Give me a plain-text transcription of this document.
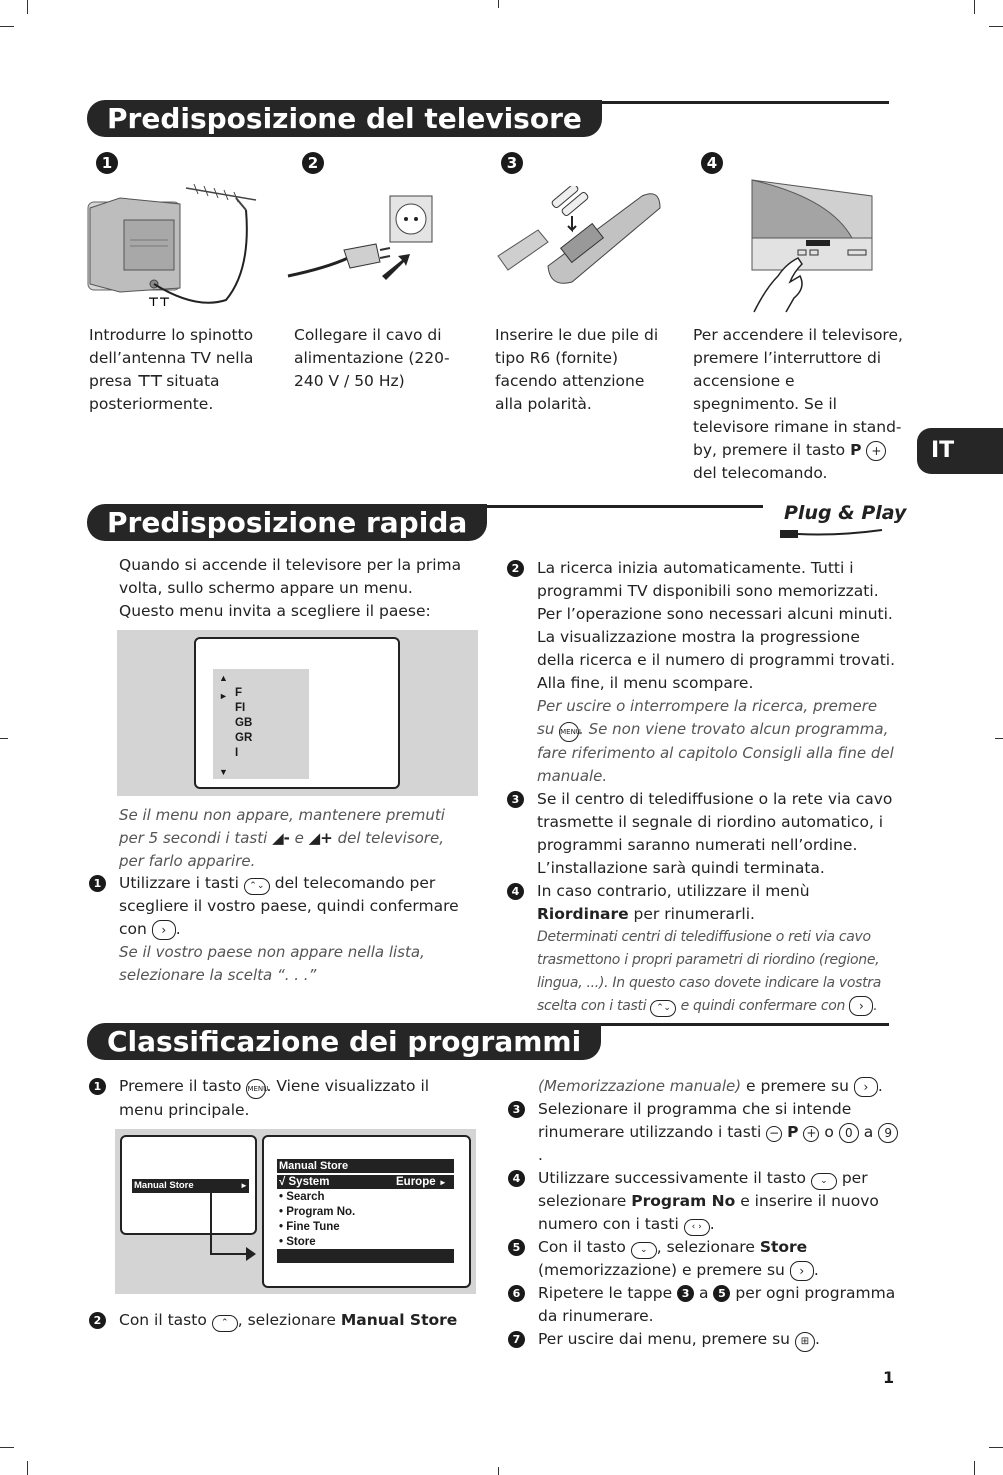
Predisposizione del televisore
1	2	3	4
⊤⊤
Introdurre lo spinotto dell’antenna TV nella presa ⊤⊤ situata posteriormente.
Collegare il cavo di alimentazione (220-240 V / 50 Hz)
Inserire le due pile di tipo R6 (fornite) facendo attenzione alla polarità.
Per accendere il televisore, premere l’interruttore di accensione e spegnimento. Se il televisore rimane in stand-by, premere il tasto P + del telecomando.
IT
Predisposizione rapida	Plug & Play
Quando si accende il televisore per la prima volta, sullo schermo appare un menu. Questo menu invita a scegliere il paese:
▲
► F
FI
GB
GR
I
▼
Se il menu non appare, mantenere premuti per 5 secondi i tasti ◢- e ◢+ del televisore, per farlo apparire.
1	Utilizzare i tasti ⌃⌄ del telecomando per scegliere il vostro paese, quindi confermare con › .
Se il vostro paese non appare nella lista, selezionare la scelta “. . .”
2	La ricerca inizia automaticamente. Tutti i programmi TV disponibili sono memorizzati. Per l’operazione sono necessari alcuni minuti. La visualizzazione mostra la progressione della ricerca e il numero di programmi trovati. Alla fine, il menu scompare.
Per uscire o interrompere la ricerca, premere su MENU. Se non viene trovato alcun programma, fare riferimento al capitolo Consigli alla fine del manuale.
3	Se il centro di telediffusione o la rete via cavo trasmette il segnale di riordino automatico, i programmi saranno numerati nell’ordine. L’installazione sarà quindi terminata.
4	In caso contrario, utilizzare il menù Riordinare per rinumerarli.
Determinati centri di telediffusione o reti via cavo trasmettono i propri parametri di riordino (regione, lingua, ...). In questo caso dovete indicare la vostra scelta con i tasti ⌃⌄ e quindi confermare con › .
Classificazione dei programmi
1	Premere il tasto MENU. Viene visualizzato il menu principale.
Manual Store	►
Manual Store
√ System	Europe ►
• Search
• Program No.
• Fine Tune
• Store
2	Con il tasto ⌃ , selezionare Manual Store
(Memorizzazione manuale) e premere su › .
3	Selezionare il programma che si intende rinumerare utilizzando i tasti − P + o 0 a 9.
4	Utilizzare successivamente il tasto ⌄ per selezionare Program No e inserire il nuovo numero con i tasti ‹ › .
5	Con il tasto ⌄ , selezionare Store (memorizzazione) e premere su › .
6	Ripetere le tappe 3 a 5 per ogni programma da rinumerare.
7	Per uscire dai menu, premere su ⊞ .
1
